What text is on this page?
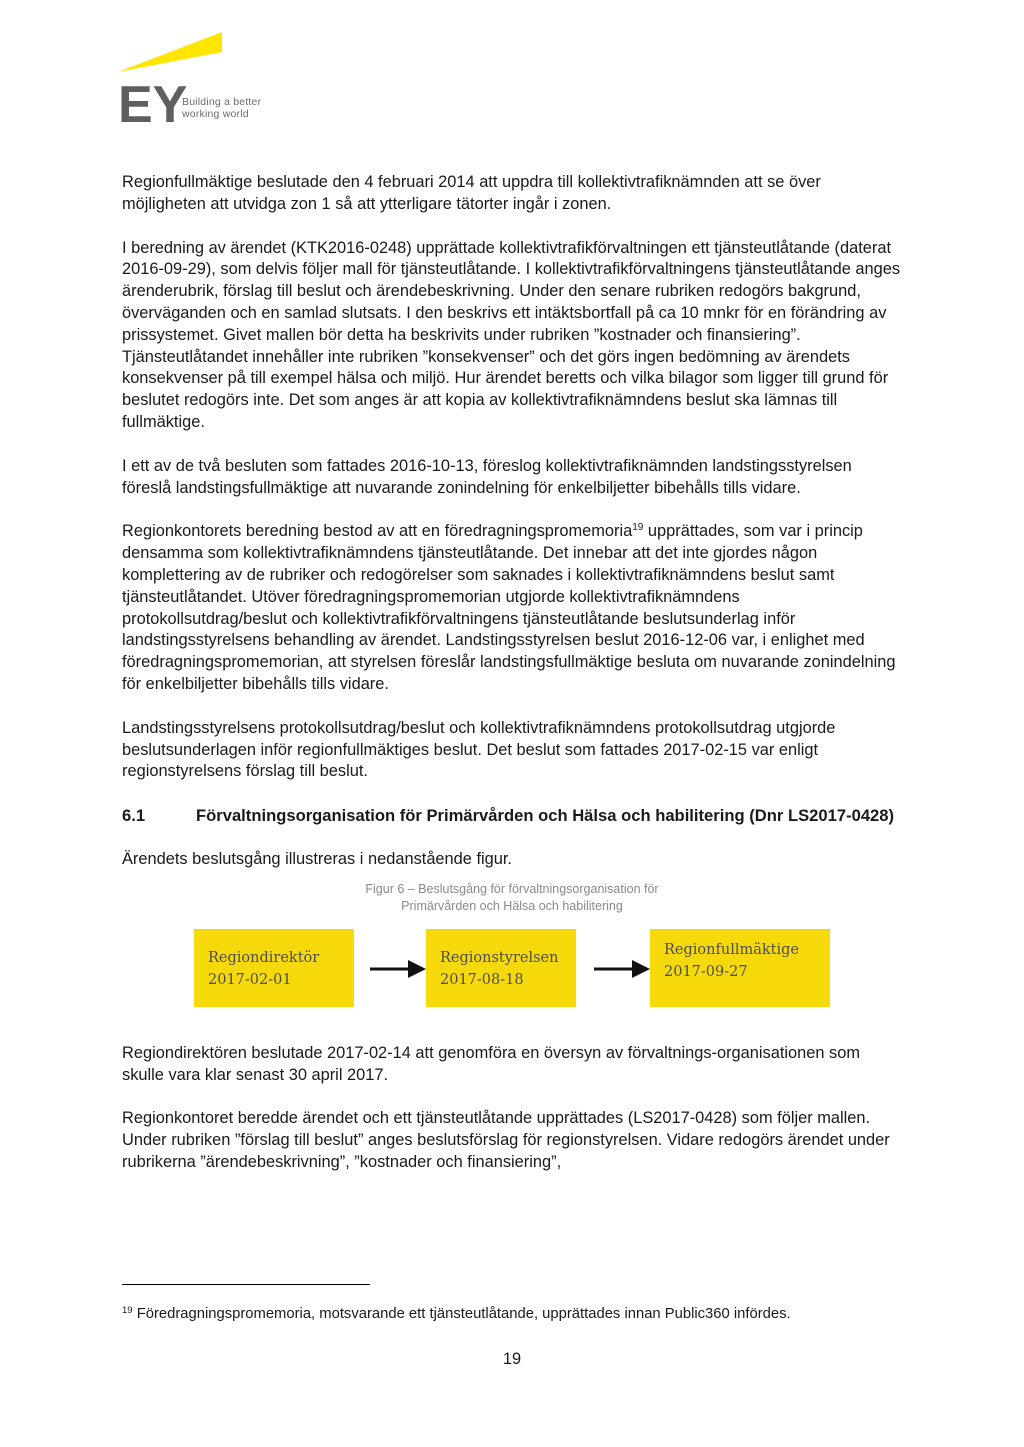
EY
Building a better
working world

Regionfullmäktige beslutade den 4 februari 2014 att uppdra till kollektivtrafiknämnden att se över möjligheten att utvidga zon 1 så att ytterligare tätorter ingår i zonen.

I beredning av ärendet (KTK2016-0248) upprättade kollektivtrafikförvaltningen ett tjänsteutlåtande (daterat 2016-09-29), som delvis följer mall för tjänsteutlåtande. I kollektivtrafikförvaltningens tjänsteutlåtande anges ärenderubrik, förslag till beslut och ärendebeskrivning. Under den senare rubriken redogörs bakgrund, överväganden och en samlad slutsats. I den beskrivs ett intäktsbortfall på ca 10 mnkr för en förändring av prissystemet. Givet mallen bör detta ha beskrivits under rubriken ”kostnader och finansiering”. Tjänsteutlåtandet innehåller inte rubriken ”konsekvenser” och det görs ingen bedömning av ärendets konsekvenser på till exempel hälsa och miljö. Hur ärendet beretts och vilka bilagor som ligger till grund för beslutet redogörs inte. Det som anges är att kopia av kollektivtrafiknämndens beslut ska lämnas till fullmäktige.

I ett av de två besluten som fattades 2016-10-13, föreslog kollektivtrafiknämnden landstingsstyrelsen föreslå landstingsfullmäktige att nuvarande zonindelning för enkelbiljetter bibehålls tills vidare.

Regionkontorets beredning bestod av att en föredragningspromemoria$^{19}$ upprättades, som var i princip densamma som kollektivtrafiknämndens tjänsteutlåtande. Det innebar att det inte gjordes någon komplettering av de rubriker och redogörelser som saknades i kollektivtrafiknämndens beslut samt tjänsteutlåtandet. Utöver föredragningspromemorian utgjorde kollektivtrafiknämndens protokollsutdrag/beslut och kollektivtrafikförvaltningens tjänsteutlåtande beslutsunderlag inför landstingsstyrelsens behandling av ärendet. Landstingsstyrelsen beslut 2016-12-06 var, i enlighet med föredragningspromemorian, att styrelsen föreslår landstingsfullmäktige besluta om nuvarande zonindelning för enkelbiljetter bibehålls tills vidare.

Landstingsstyrelsens protokollsutdrag/beslut och kollektivtrafiknämndens protokollsutdrag utgjorde beslutsunderlagen inför regionfullmäktiges beslut. Det beslut som fattades 2017-02-15 var enligt regionstyrelsens förslag till beslut.

6.1	Förvaltningsorganisation för Primärvården och Hälsa och habilitering (Dnr LS2017-0428)

Ärendets beslutsgång illustreras i nedanstående figur.

Figur 6 – Beslutsgång för förvaltningsorganisation för
Primärvården och Hälsa och habilitering
Regiondirektör
2017-02-01
Regionstyrelsen
2017-08-18
Regionfullmäktige
2017-09-27

Regiondirektören beslutade 2017-02-14 att genomföra en översyn av förvaltnings-organisationen som skulle vara klar senast 30 april 2017.

Regionkontoret beredde ärendet och ett tjänsteutlåtande upprättades (LS2017-0428) som följer mallen. Under rubriken ”förslag till beslut” anges beslutsförslag för regionstyrelsen. Vidare redogörs ärendet under rubrikerna ”ärendebeskrivning”, ”kostnader och finansiering”,

$^{19}$ Föredragningspromemoria, motsvarande ett tjänsteutlåtande, upprättades innan Public360 infördes.
19
